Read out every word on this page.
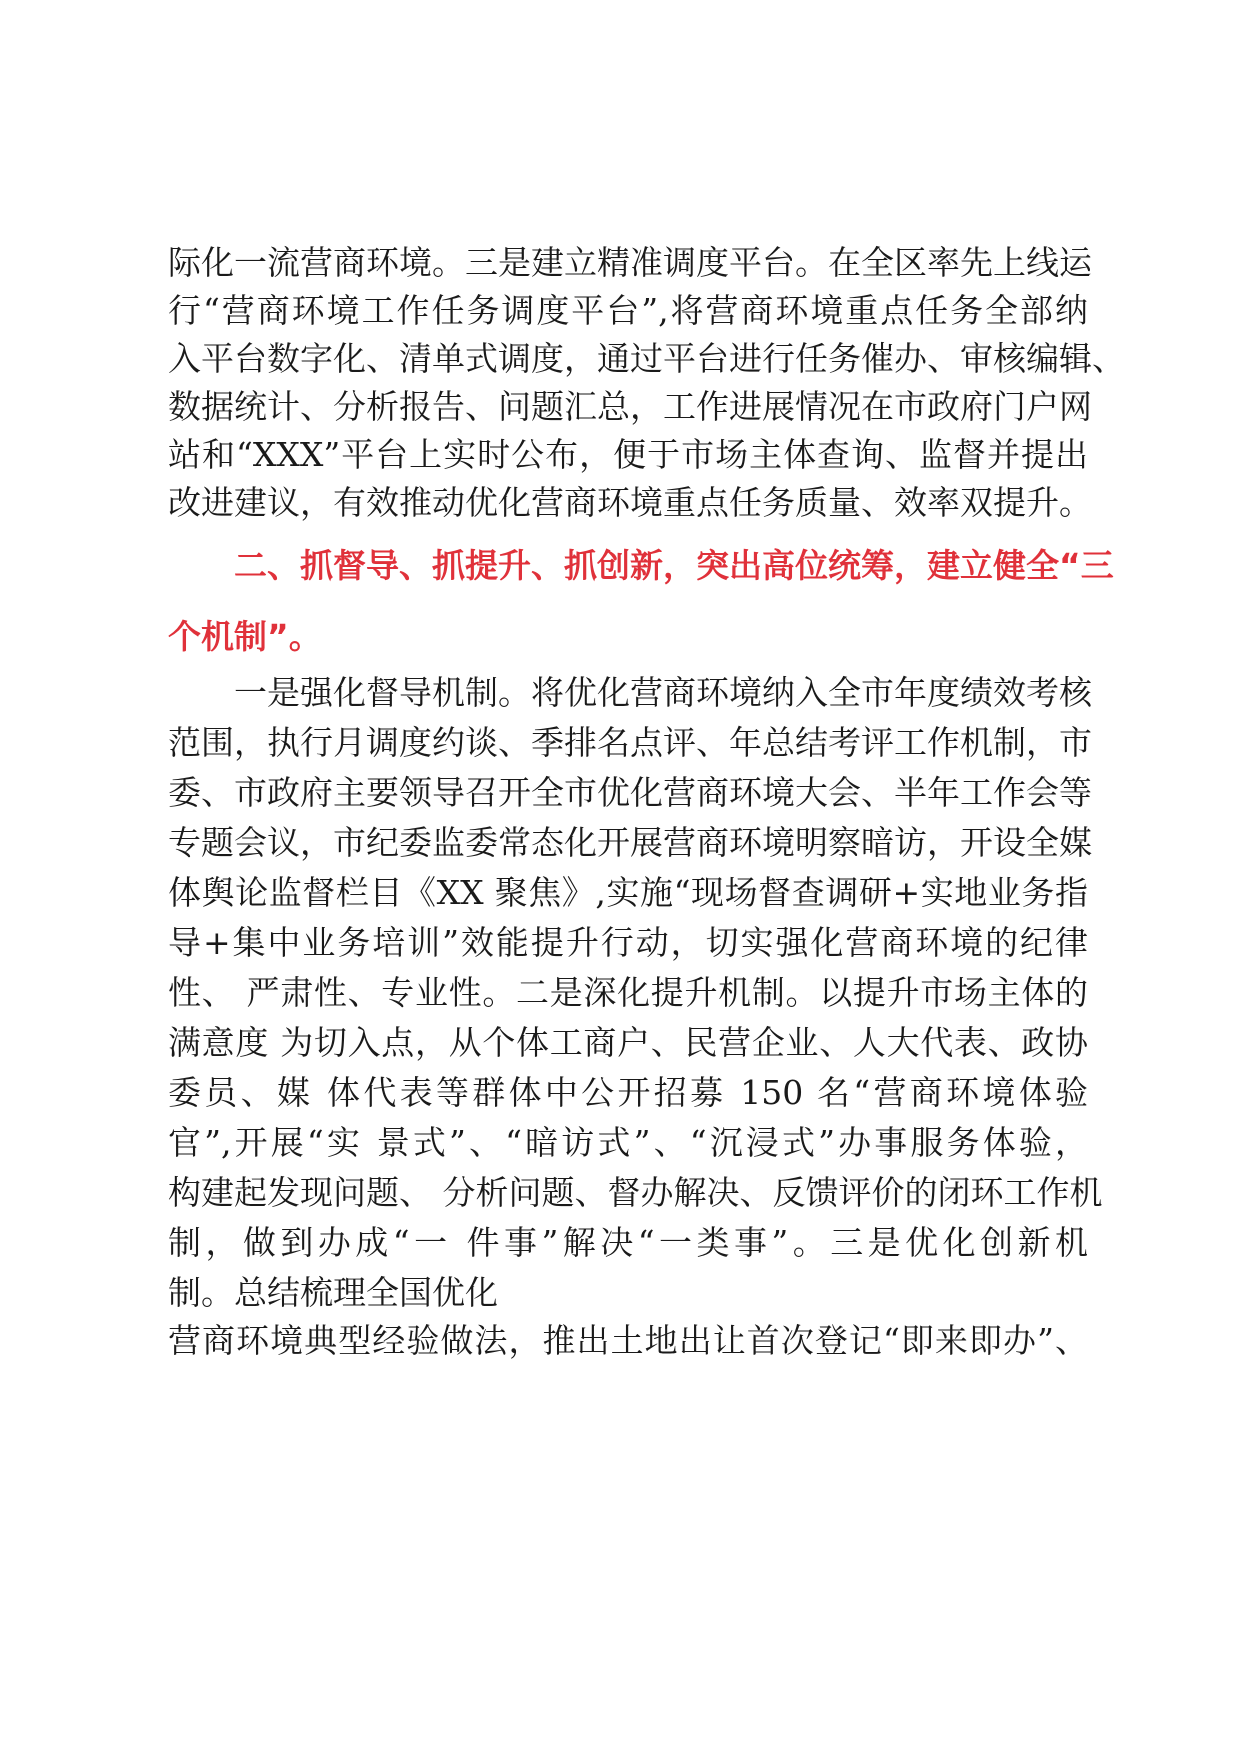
际化一流营商环境。三是建立精准调度平台。在全区率先上线运
行“营商环境工作任务调度平台”,将营商环境重点任务全部纳
入平台数字化、清单式调度，通过平台进行任务催办、审核编辑、
数据统计、分析报告、问题汇总，工作进展情况在市政府门户网
站和“XXX”平台上实时公布，便于市场主体查询、监督并提出
改进建议，有效推动优化营商环境重点任务质量、效率双提升。
二、抓督导、抓提升、抓创新，突出高位统筹，建立健全“三
个机制”。
一是强化督导机制。将优化营商环境纳入全市年度绩效考核
范围，执行月调度约谈、季排名点评、年总结考评工作机制，市
委、市政府主要领导召开全市优化营商环境大会、半年工作会等
专题会议，市纪委监委常态化开展营商环境明察暗访，开设全媒
体舆论监督栏目《XX 聚焦》,实施“现场督查调研+实地业务指
导+集中业务培训”效能提升行动，切实强化营商环境的纪律
性、 严肃性、专业性。二是深化提升机制。以提升市场主体的
满意度 为切入点，从个体工商户、民营企业、人大代表、政协
委员、媒 体代表等群体中公开招募 150 名“营商环境体验
官”,开展“实 景式”、“暗访式”、“沉浸式”办事服务体验，
构建起发现问题、 分析问题、督办解决、反馈评价的闭环工作机
制，做到办成“一 件事”解决“一类事”。三是优化创新机
制。总结梳理全国优化
营商环境典型经验做法，推出土地出让首次登记“即来即办”、
